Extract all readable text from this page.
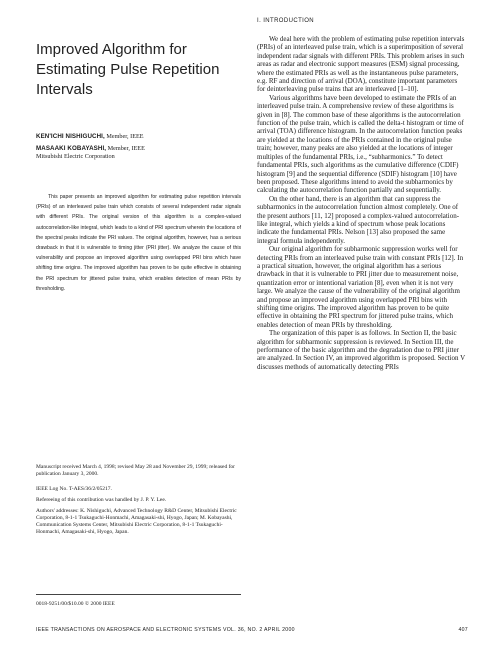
Improved Algorithm for Estimating Pulse Repetition Intervals

KEN'ICHI NISHIGUCHI, Member, IEEE

MASAAKI KOBAYASHI, Member, IEEE

Mitsubishi Electric Corporation

This paper presents an improved algorithm for estimating pulse repetition intervals (PRIs) of an interleaved pulse train which consists of several independent radar signals with different PRIs. The original version of this algorithm is a complex-valued autocorrelation-like integral, which leads to a kind of PRI spectrum wherein the locations of the spectral peaks indicate the PRI values. The original algorithm, however, has a serious drawback in that it is vulnerable to timing jitter (PRI jitter). We analyze the cause of this vulnerability and propose an improved algorithm using overlapped PRI bins which have shifting time origins. The improved algorithm has proven to be quite effective in obtaining the PRI spectrum for jittered pulse trains, which enables detection of mean PRIs by thresholding.

Manuscript received March 4, 1998; revised May 28 and November 29, 1999; released for publication January 3, 2000.

IEEE Log No. T-AES/36/2/05217.

Refereeing of this contribution was handled by J. P. Y. Lee.

Authors' addresses: K. Nishiguchi, Advanced Technology R&D Center, Mitsubishi Electric Corporation, 8-1-1 Tsukaguchi-Honmachi, Amagasaki-shi, Hyogo, Japan; M. Kobayashi, Communication Systems Center, Mitsubishi Electric Corporation, 8-1-1 Tsukaguchi-Honmachi, Amagasaki-shi, Hyogo, Japan.

0018-9251/00/$10.00 © 2000 IEEE

I. INTRODUCTION

We deal here with the problem of estimating pulse repetition intervals (PRIs) of an interleaved pulse train, which is a superimposition of several independent radar signals with different PRIs. This problem arises in such areas as radar and electronic support measures (ESM) signal processing, where the estimated PRIs as well as the instantaneous pulse parameters, e.g. RF and direction of arrival (DOA), constitute important parameters for deinterleaving pulse trains that are interleaved [1–10].

Various algorithms have been developed to estimate the PRIs of an interleaved pulse train. A comprehensive review of these algorithms is given in [8]. The common base of these algorithms is the autocorrelation function of the pulse train, which is called the delta-t histogram or time of arrival (TOA) difference histogram. In the autocorrelation function peaks are yielded at the locations of the PRIs contained in the original pulse train; however, many peaks are also yielded at the locations of integer multiples of the fundamental PRIs, i.e., “subharmonics.” To detect fundamental PRIs, such algorithms as the cumulative difference (CDIF) histogram [9] and the sequential difference (SDIF) histogram [10] have been proposed. These algorithms intend to avoid the subharmonics by calculating the autocorrelation function partially and sequentially.

On the other hand, there is an algorithm that can suppress the subharmonics in the autocorrelation function almost completely. One of the present authors [11, 12] proposed a complex-valued autocorrelation-like integral, which yields a kind of spectrum whose peak locations indicate the fundamental PRIs. Nelson [13] also proposed the same integral formula independently.

Our original algorithm for subharmonic suppression works well for detecting PRIs from an interleaved pulse train with constant PRIs [12]. In a practical situation, however, the original algorithm has a serious drawback in that it is vulnerable to PRI jitter due to measurement noise, quantization error or intentional variation [8], even when it is not very large. We analyze the cause of the vulnerability of the original algorithm and propose an improved algorithm using overlapped PRI bins with shifting time origins. The improved algorithm has proven to be quite effective in obtaining the PRI spectrum for jittered pulse trains, which enables detection of mean PRIs by thresholding.

The organization of this paper is as follows. In Section II, the basic algorithm for subharmonic suppression is reviewed. In Section III, the performance of the basic algorithm and the degradation due to PRI jitter are analyzed. In Section IV, an improved algorithm is proposed. Section V discusses methods of automatically detecting PRIs

IEEE TRANSACTIONS ON AEROSPACE AND ELECTRONIC SYSTEMS VOL. 36, NO. 2 APRIL 2000	407
